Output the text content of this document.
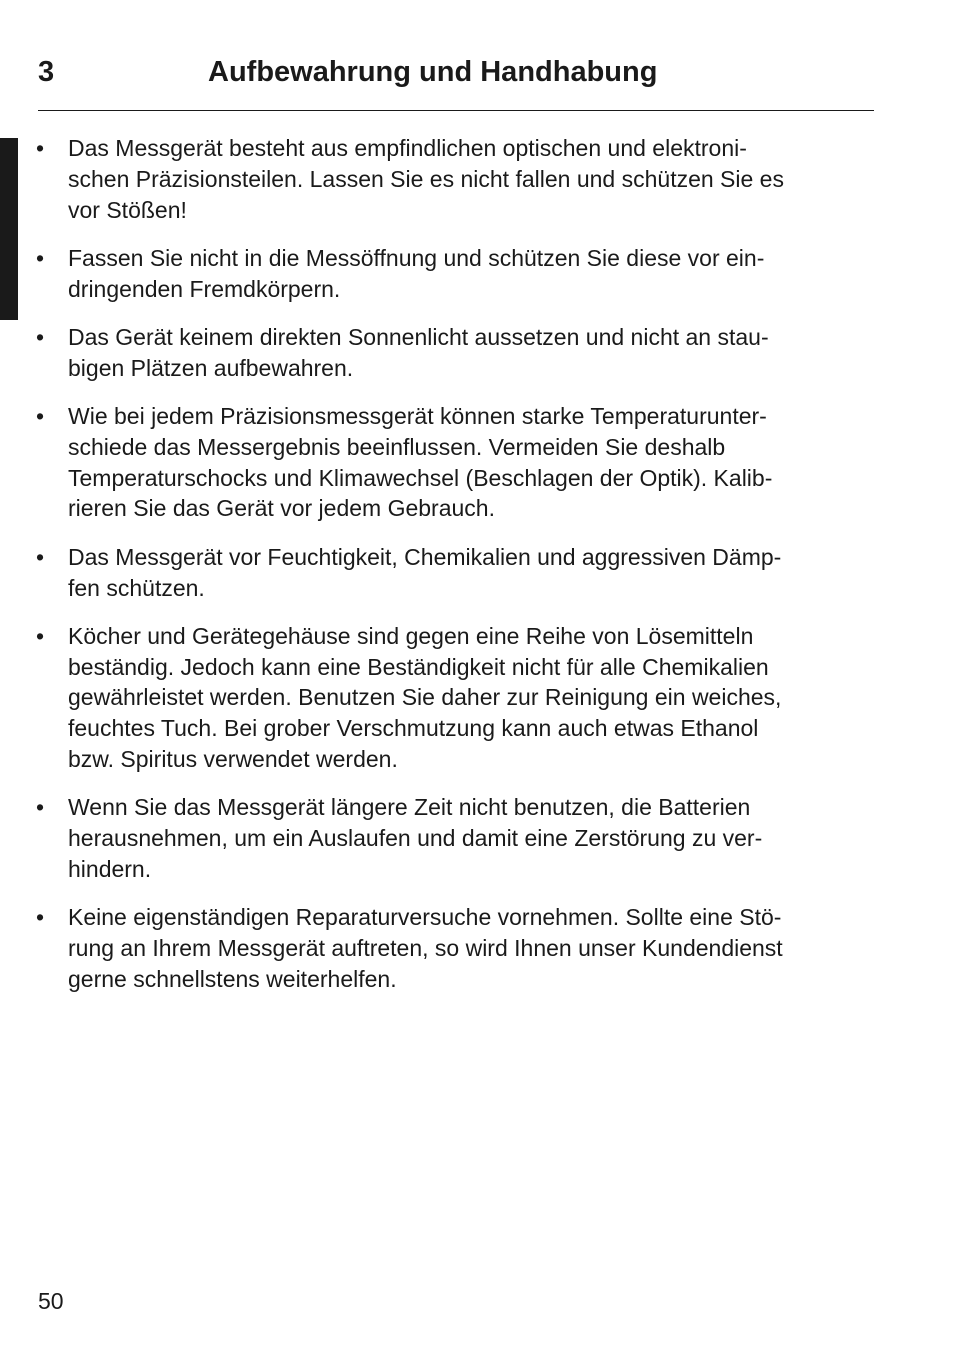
3	Aufbewahrung und Handhabung
• Das Messgerät besteht aus empfindlichen optischen und elektroni-
schen Präzisionsteilen. Lassen Sie es nicht fallen und schützen Sie es
vor Stößen!
• Fassen Sie nicht in die Messöffnung und schützen Sie diese vor ein-
dringenden Fremdkörpern.
• Das Gerät keinem direkten Sonnenlicht aussetzen und nicht an stau-
bigen Plätzen aufbewahren.
• Wie bei jedem Präzisionsmessgerät können starke Temperaturunter-
schiede das Messergebnis beeinflussen. Vermeiden Sie deshalb
Temperaturschocks und Klimawechsel (Beschlagen der Optik). Kalib-
rieren Sie das Gerät vor jedem Gebrauch.
• Das Messgerät vor Feuchtigkeit, Chemikalien und aggressiven Dämp-
fen schützen.
• Köcher und Gerätegehäuse sind gegen eine Reihe von Lösemitteln
beständig. Jedoch kann eine Beständigkeit nicht für alle Chemikalien
gewährleistet werden. Benutzen Sie daher zur Reinigung ein weiches,
feuchtes Tuch. Bei grober Verschmutzung kann auch etwas Ethanol
bzw. Spiritus verwendet werden.
• Wenn Sie das Messgerät längere Zeit nicht benutzen, die Batterien
herausnehmen, um ein Auslaufen und damit eine Zerstörung zu ver-
hindern.
• Keine eigenständigen Reparaturversuche vornehmen. Sollte eine Stö-
rung an Ihrem Messgerät auftreten, so wird Ihnen unser Kundendienst
gerne schnellstens weiterhelfen.
50
